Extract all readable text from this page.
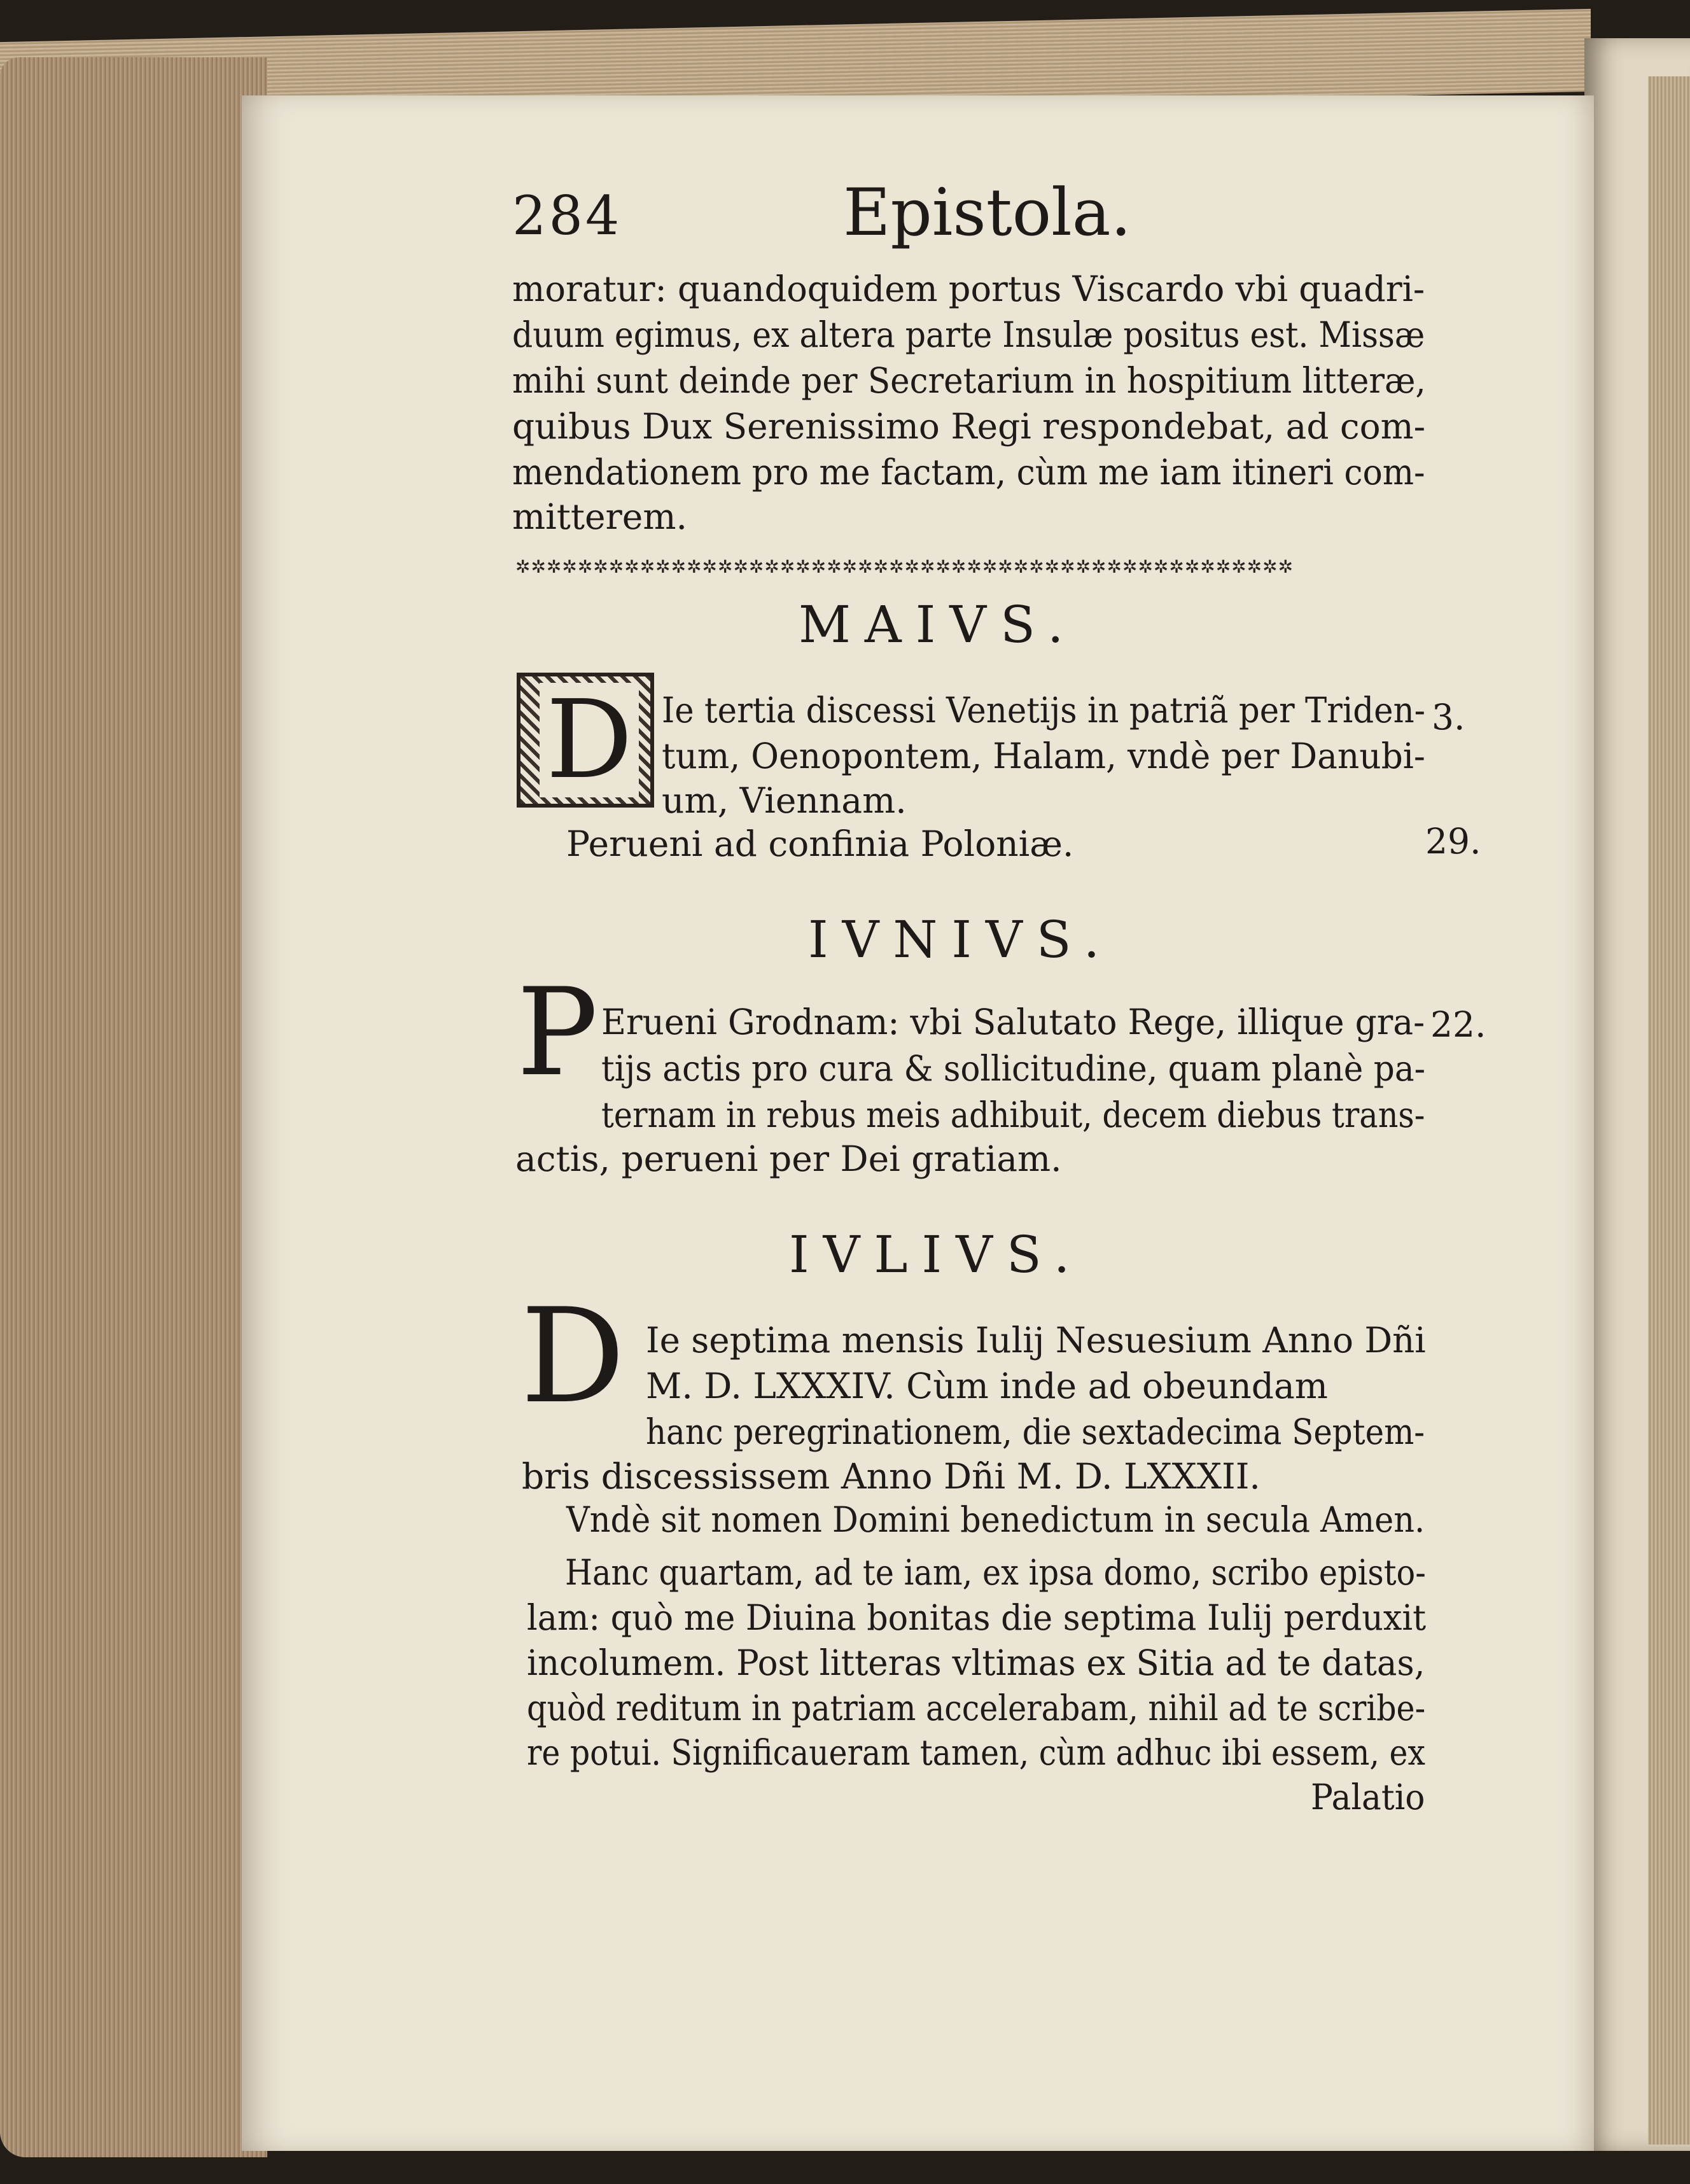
284	Epistola.
moratur: quandoquidem portus Viscardo vbi quadri-
duum egimus, ex altera parte Insulæ positus est. Missæ
mihi sunt deinde per Secretarium in hospitium litteræ,
quibus Dux Serenissimo Regi respondebat, ad com-
mendationem pro me factam, cùm me iam itineri com-
mitterem.
✲✲✲✲✲✲✲✲✲✲✲✲✲✲✲✲✲✲✲✲✲✲✲✲✲✲✲✲✲✲✲✲✲✲✲✲✲✲✲✲✲✲✲✲✲✲✲✲✲✲
MAIVS.
D Ie tertia discessi Venetijs in patriã per Triden-
tum, Oenopontem, Halam, vndè per Danubi-
um, Viennam.
Perueni ad confinia Poloniæ.
3.
29.
IVNIVS.
P Erueni Grodnam: vbi Salutato Rege, illique gra-
tijs actis pro cura & sollicitudine, quam planè pa-
ternam in rebus meis adhibuit, decem diebus trans-
actis, perueni per Dei gratiam.
22.
IVLIVS.
D Ie septima mensis Iulij Nesuesium Anno Dñi
M. D. LXXXIV. Cùm inde ad obeundam
hanc peregrinationem, die sextadecima Septem-
bris discessissem Anno Dñi M. D. LXXXII.
Vndè sit nomen Domini benedictum in secula Amen.
Hanc quartam, ad te iam, ex ipsa domo, scribo episto-
lam: quò me Diuina bonitas die septima Iulij perduxit
incolumem. Post litteras vltimas ex Sitia ad te datas,
quòd reditum in patriam accelerabam, nihil ad te scribe-
re potui. Significaueram tamen, cùm adhuc ibi essem, ex
Palatio
